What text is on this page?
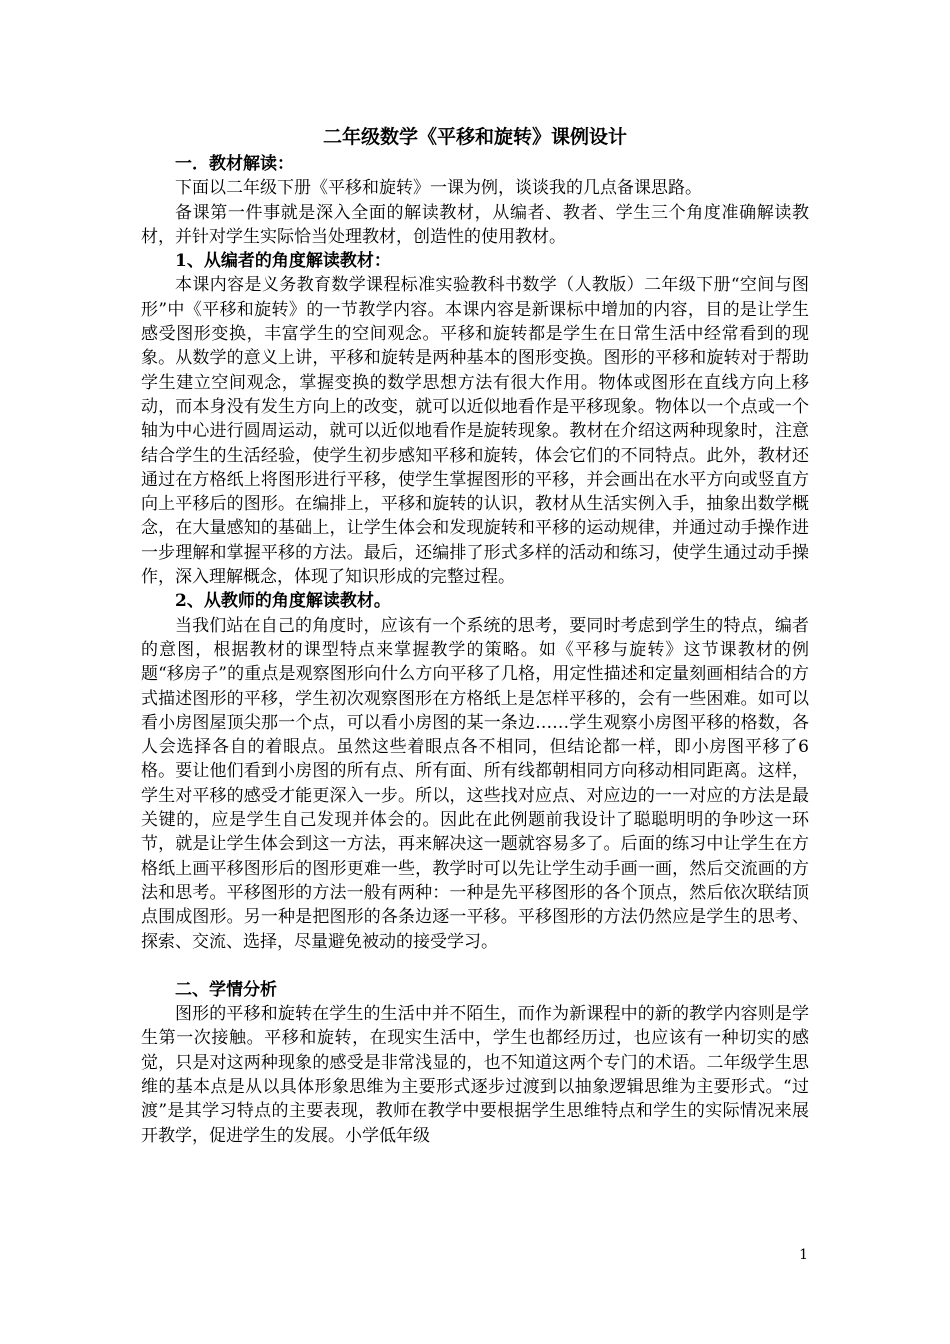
二年级数学《平移和旋转》课例设计

一．教材解读：

下面以二年级下册《平移和旋转》一课为例，谈谈我的几点备课思路。

备课第一件事就是深入全面的解读教材，从编者、教者、学生三个角度准确解读教材，并针对学生实际恰当处理教材，创造性的使用教材。

1、从编者的角度解读教材：

本课内容是义务教育数学课程标准实验教科书数学（人教版）二年级下册“空间与图形”中《平移和旋转》的一节教学内容。本课内容是新课标中增加的内容，目的是让学生感受图形变换，丰富学生的空间观念。平移和旋转都是学生在日常生活中经常看到的现象。从数学的意义上讲，平移和旋转是两种基本的图形变换。图形的平移和旋转对于帮助学生建立空间观念，掌握变换的数学思想方法有很大作用。物体或图形在直线方向上移动，而本身没有发生方向上的改变，就可以近似地看作是平移现象。物体以一个点或一个轴为中心进行圆周运动，就可以近似地看作是旋转现象。教材在介绍这两种现象时，注意结合学生的生活经验，使学生初步感知平移和旋转，体会它们的不同特点。此外，教材还通过在方格纸上将图形进行平移，使学生掌握图形的平移，并会画出在水平方向或竖直方向上平移后的图形。在编排上，平移和旋转的认识，教材从生活实例入手，抽象出数学概念，在大量感知的基础上，让学生体会和发现旋转和平移的运动规律，并通过动手操作进一步理解和掌握平移的方法。最后，还编排了形式多样的活动和练习，使学生通过动手操作，深入理解概念，体现了知识形成的完整过程。

2、从教师的角度解读教材。

当我们站在自己的角度时，应该有一个系统的思考，要同时考虑到学生的特点，编者的意图，根据教材的课型特点来掌握教学的策略。如《平移与旋转》这节课教材的例题“移房子”的重点是观察图形向什么方向平移了几格，用定性描述和定量刻画相结合的方式描述图形的平移，学生初次观察图形在方格纸上是怎样平移的，会有一些困难。如可以看小房图屋顶尖那一个点，可以看小房图的某一条边……学生观察小房图平移的格数，各人会选择各自的着眼点。虽然这些着眼点各不相同，但结论都一样，即小房图平移了6格。要让他们看到小房图的所有点、所有面、所有线都朝相同方向移动相同距离。这样，学生对平移的感受才能更深入一步。所以，这些找对应点、对应边的一一对应的方法是最关键的，应是学生自己发现并体会的。因此在此例题前我设计了聪聪明明的争吵这一环节，就是让学生体会到这一方法，再来解决这一题就容易多了。后面的练习中让学生在方格纸上画平移图形后的图形更难一些，教学时可以先让学生动手画一画，然后交流画的方法和思考。平移图形的方法一般有两种：一种是先平移图形的各个顶点，然后依次联结顶点围成图形。另一种是把图形的各条边逐一平移。平移图形的方法仍然应是学生的思考、探索、交流、选择，尽量避免被动的接受学习。

二、学情分析

图形的平移和旋转在学生的生活中并不陌生，而作为新课程中的新的教学内容则是学生第一次接触。平移和旋转，在现实生活中，学生也都经历过，也应该有一种切实的感觉，只是对这两种现象的感受是非常浅显的，也不知道这两个专门的术语。二年级学生思维的基本点是从以具体形象思维为主要形式逐步过渡到以抽象逻辑思维为主要形式。“过渡”是其学习特点的主要表现，教师在教学中要根据学生思维特点和学生的实际情况来展开教学，促进学生的发展。小学低年级

1
